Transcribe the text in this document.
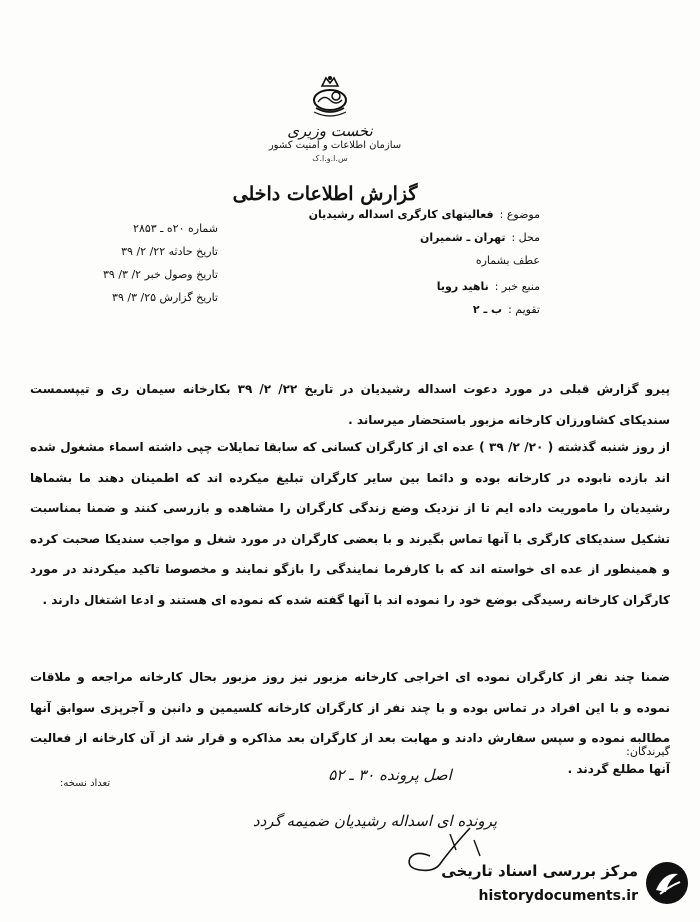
نخست وزیری
سازمان اطلاعات و امنیت کشور
س.ا.و.ا.ک
گزارش اطلاعات داخلی
موضوع :فعالیتهای کارگری اسداله رشیدیان
محل :تهران ـ شمیران
عطف بشماره
منبع خبر :ناهید رویا
تقویم :ب ـ ۲
شماره ۲۰ه ـ ۲۸۵۳
تاریخ حادثه ۲۲/ ۲/ ۳۹
تاریخ وصول خبر ۲/ ۳/ ۳۹
تاریخ گزارش ۲۵/ ۳/ ۳۹
پیرو گزارش قبلی در مورد دعوت اسداله رشیدیان در تاریخ ۲۲/ ۲/ ۳۹ بکارخانه سیمان ری و تیپسمست سندیکای کشاورزان کارخانه مزبور باستحضار میرساند .
از روز شنبه گذشته ( ۲۰/ ۲/ ۳۹ ) عده ای از کارگران کسانی که سابقا تمایلات چپی داشته اسماء مشغول شده اند بازده نابوده در کارخانه بوده و دائما بین سایر کارگران تبلیغ میکرده اند که اطمینان دهند ما بشماها رشیدیان را ماموریت داده ایم تا از نزدیک وضع زندگی کارگران را مشاهده و بازرسی کنند و ضمنا بمناسبت تشکیل سندیکای کارگری با آنها تماس بگیرند و با بعضی کارگران در مورد شغل و مواجب سندیکا صحبت کرده و همینطور از عده ای خواسته اند که با کارفرما نمایندگی را بازگو نمایند و مخصوصا تاکید میکردند در مورد کارگران کارخانه رسیدگی بوضع خود را نموده اند با آنها گفته شده که نموده ای هستند و ادعا اشتغال دارند .
ضمنا چند نفر از کارگران نموده ای اخراجی کارخانه مزبور نیز روز مزبور بحال کارخانه مراجعه و ملاقات نموده و با این افراد در تماس بوده و با چند نفر از کارگران کارخانه کلسیمین و دانبن و آجرپزی سوابق آنها مطالبه نموده و سپس سفارش دادند و مهابت بعد از کارگران بعد مذاکره و قرار شد از آن کارخانه از فعالیت آنها مطلع گردند .
گیرندگان:
تعداد نسخه:	اصل پرونده ۳۰ ـ ۵۲
پرونده ای اسداله رشیدیان ضمیمه گردد
مرکز بررسی اسناد تاریخی
historydocuments.ir
